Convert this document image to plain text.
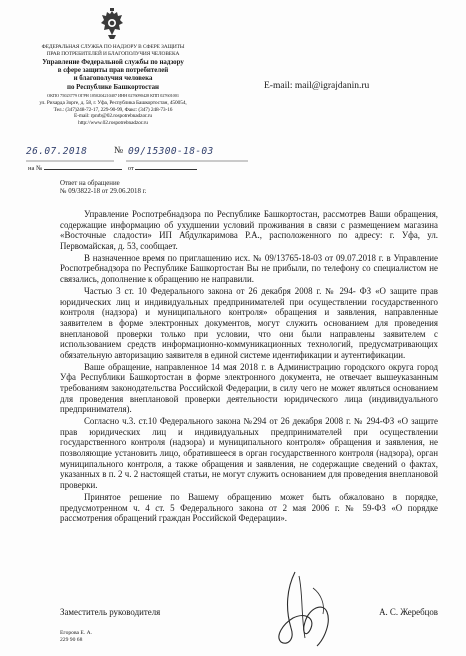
ФЕДЕРАЛЬНАЯ СЛУЖБА ПО НАДЗОРУ В СФЕРЕ ЗАЩИТЫ
ПРАВ ПОТРЕБИТЕЛЕЙ И БЛАГОПОЛУЧИЯ ЧЕЛОВЕКА
Управление Федеральной службы по надзору
в сфере защиты прав потребителей
и благополучия человека
по Республике Башкортостан
ОКПО 75023779 ОГРН 1050204210407 ИНН 0276090428 КПП 027601001
ул. Рихарда Зорге, д. 58, г. Уфа, Республика Башкортостан, 450054,
Тел.: (347)248-72-17, 229-90-99, Факс: (347) 248-73-16
E-mail: rpnrb@02.rospotrebnadzor.ru
http://www.02.rospotrebnadzor.ru
E-mail: mail@igrajdanin.ru
26.07.2018	№ 09/15300-18-03
на №	от
Ответ на обращение
№ 09/3822-18 от 29.06.2018 г.

Управление Роспотребнадзора по Республике Башкортостан, рассмотрев Ваши обращения, содержащие информацию об ухудшении условий проживания в связи с размещением магазина «Восточные сладости» ИП Абдулкаримова Р.А., расположенного по адресу: г. Уфа, ул. Первомайская, д. 53, сообщает.

В назначенное время по приглашению исх. № 09/13765-18-03 от 09.07.2018 г. в Управление Роспотребнадзора по Республике Башкортостан Вы не прибыли, по телефону со специалистом не связались, дополнение к обращению не направили.

Частью 3 ст. 10 Федерального закона от 26 декабря 2008 г. № 294- ФЗ «О защите прав юридических лиц и индивидуальных предпринимателей при осуществлении государственного контроля (надзора) и муниципального контроля» обращения и заявления, направленные заявителем в форме электронных документов, могут служить основанием для проведения внеплановой проверки только при условии, что они были направлены заявителем с использованием средств информационно-коммуникационных технологий, предусматривающих обязательную авторизацию заявителя в единой системе идентификации и аутентификации.

Ваше обращение, направленное 14 мая 2018 г. в Администрацию городского округа город Уфа Республики Башкортостан в форме электронного документа, не отвечает вышеуказанным требованиям законодательства Российской Федерации, в силу чего не может являться основанием для проведения внеплановой проверки деятельности юридического лица (индивидуального предпринимателя).

Согласно ч.3. ст.10 Федерального закона №294 от 26 декабря 2008 г. № 294-ФЗ «О защите прав юридических лиц и индивидуальных предпринимателей при осуществлении государственного контроля (надзора) и муниципального контроля» обращения и заявления, не позволяющие установить лицо, обратившееся в орган государственного контроля (надзора), орган муниципального контроля, а также обращения и заявления, не содержащие сведений о фактах, указанных в п. 2 ч. 2 настоящей статьи, не могут служить основанием для проведения внеплановой проверки.

Принятое решение по Вашему обращению может быть обжаловано в порядке, предусмотренном ч. 4 ст. 5 Федерального закона от 2 мая 2006 г. № 59-ФЗ «О порядке рассмотрения обращений граждан Российской Федерации».

Заместитель руководителя	А. С. Жеребцов
Егорова Е. А.
229 90 68
